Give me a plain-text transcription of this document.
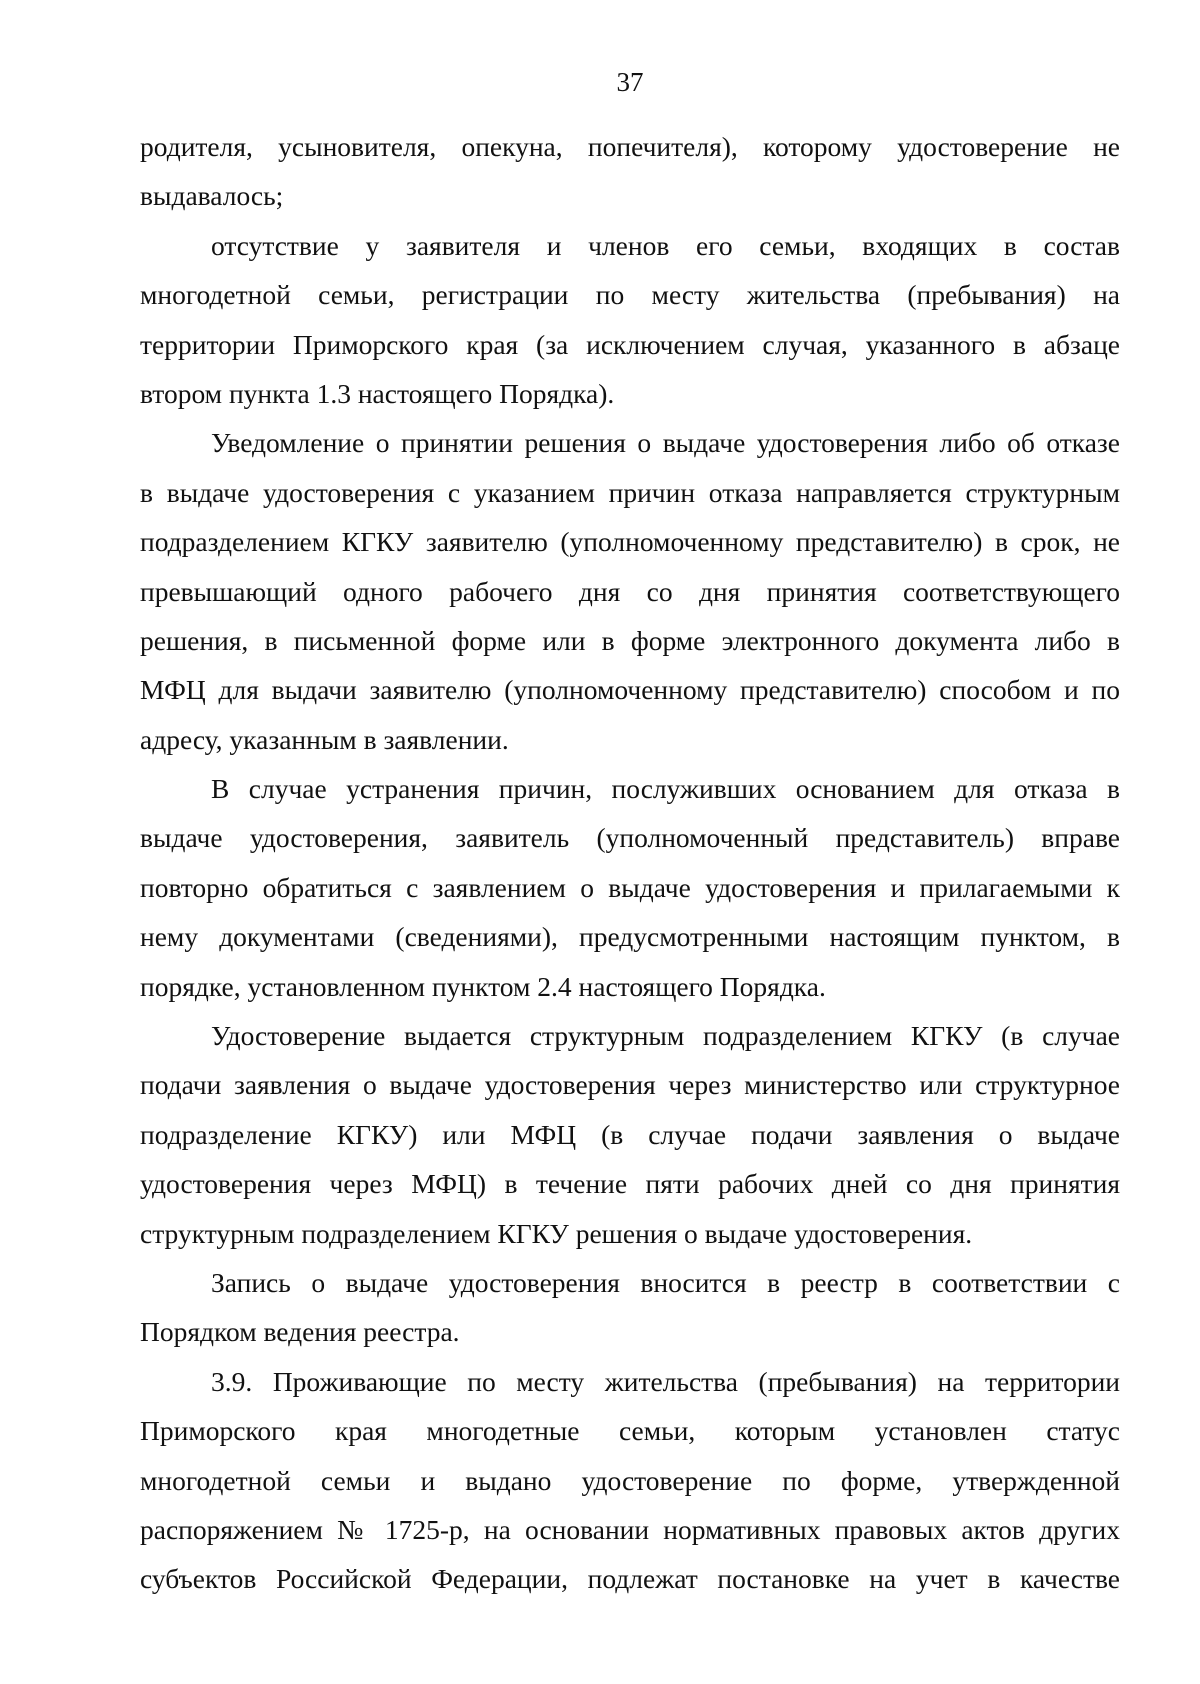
37
родителя, усыновителя, опекуна, попечителя), которому удостоверение не
выдавалось;
отсутствие у заявителя и членов его семьи, входящих в состав
многодетной семьи, регистрации по месту жительства (пребывания) на
территории Приморского края (за исключением случая, указанного в абзаце
втором пункта 1.3 настоящего Порядка).
Уведомление о принятии решения о выдаче удостоверения либо об отказе
в выдаче удостоверения с указанием причин отказа направляется структурным
подразделением КГКУ заявителю (уполномоченному представителю) в срок, не
превышающий одного рабочего дня со дня принятия соответствующего
решения, в письменной форме или в форме электронного документа либо в
МФЦ для выдачи заявителю (уполномоченному представителю) способом и по
адресу, указанным в заявлении.
В случае устранения причин, послуживших основанием для отказа в
выдаче удостоверения, заявитель (уполномоченный представитель) вправе
повторно обратиться с заявлением о выдаче удостоверения и прилагаемыми к
нему документами (сведениями), предусмотренными настоящим пунктом, в
порядке, установленном пунктом 2.4 настоящего Порядка.
Удостоверение выдается структурным подразделением КГКУ (в случае
подачи заявления о выдаче удостоверения через министерство или структурное
подразделение КГКУ) или МФЦ (в случае подачи заявления о выдаче
удостоверения через МФЦ) в течение пяти рабочих дней со дня принятия
структурным подразделением КГКУ решения о выдаче удостоверения.
Запись о выдаче удостоверения вносится в реестр в соответствии с
Порядком ведения реестра.
3.9. Проживающие по месту жительства (пребывания) на территории
Приморского края многодетные семьи, которым установлен статус
многодетной семьи и выдано удостоверение по форме, утвержденной
распоряжением № 1725-р, на основании нормативных правовых актов других
субъектов Российской Федерации, подлежат постановке на учет в качестве
